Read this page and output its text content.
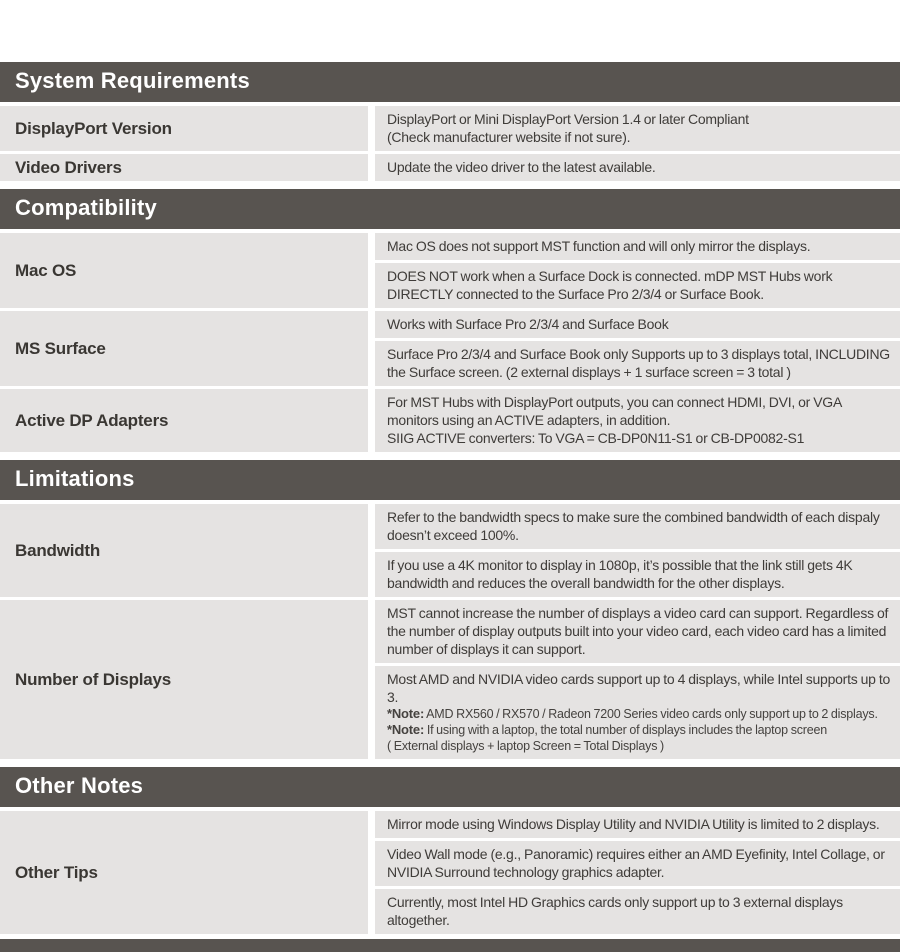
System Requirements
DisplayPort Version	DisplayPort or Mini DisplayPort Version 1.4 or later Compliant
(Check manufacturer website if not sure).
Video Drivers	Update the video driver to the latest available.
Compatibility
Mac OS
Mac OS does not support MST function and will only mirror the displays.
DOES NOT work when a Surface Dock is connected. mDP MST Hubs work DIRECTLY connected to the Surface Pro 2/3/4 or Surface Book.
MS Surface
Works with Surface Pro 2/3/4 and Surface Book
Surface Pro 2/3/4 and Surface Book only Supports up to 3 displays total, INCLUDING the Surface screen. (2 external displays + 1 surface screen = 3 total )
Active DP Adapters
For MST Hubs with DisplayPort outputs, you can connect HDMI, DVI, or VGA monitors using an ACTIVE adapters, in addition.
SIIG ACTIVE converters: To VGA = CB-DP0N11-S1 or CB-DP0082-S1
Limitations
Bandwidth
Refer to the bandwidth specs to make sure the combined bandwidth of each dispaly doesn’t exceed 100%.
If you use a 4K monitor to display in 1080p, it’s possible that the link still gets 4K bandwidth and reduces the overall bandwidth for the other displays.
Number of Displays
MST cannot increase the number of displays a video card can support. Regardless of the number of display outputs built into your video card, each video card has a limited number of displays it can support.
Most AMD and NVIDIA video cards support up to 4 displays, while Intel supports up to 3.
*Note: AMD RX560 / RX570 / Radeon 7200 Series video cards only support up to 2 displays.
*Note: If using with a laptop, the total number of displays includes the laptop screen
( External displays + laptop Screen = Total Displays )
Other Notes
Other Tips
Mirror mode using Windows Display Utility and NVIDIA Utility is limited to 2 displays.
Video Wall mode (e.g., Panoramic) requires either an AMD Eyefinity, Intel Collage, or NVIDIA Surround technology graphics adapter.
Currently, most Intel HD Graphics cards only support up to 3 external displays altogether.
